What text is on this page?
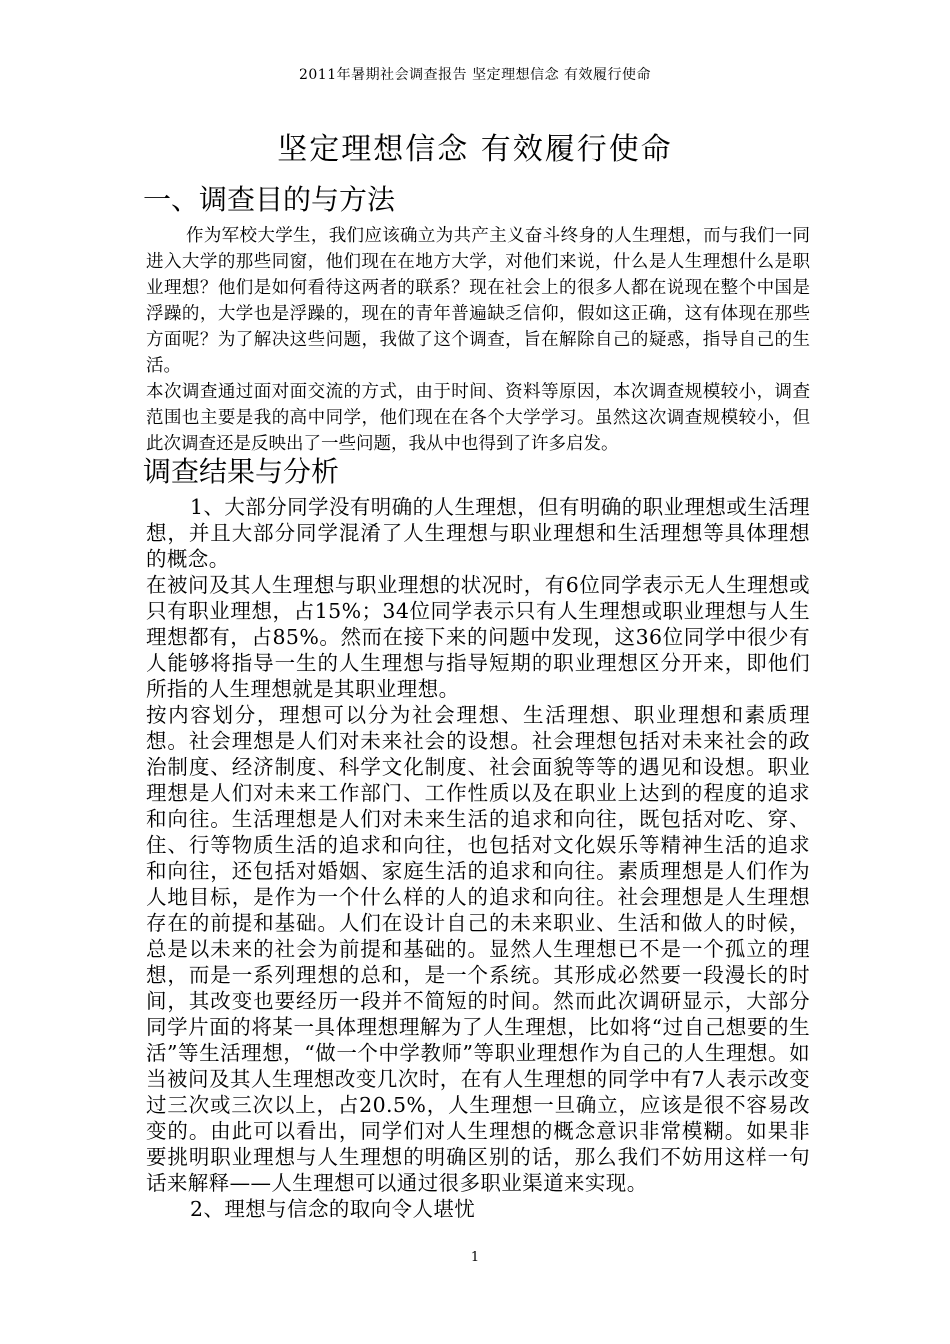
2011年暑期社会调查报告 坚定理想信念 有效履行使命
坚定理想信念 有效履行使命
一、调查目的与方法

作为军校大学生，我们应该确立为共产主义奋斗终身的人生理想，而与我们一同进入大学的那些同窗，他们现在在地方大学，对他们来说，什么是人生理想什么是职业理想？他们是如何看待这两者的联系？现在社会上的很多人都在说现在整个中国是浮躁的，大学也是浮躁的，现在的青年普遍缺乏信仰，假如这正确，这有体现在那些方面呢？为了解决这些问题，我做了这个调查，旨在解除自己的疑惑，指导自己的生活。

本次调查通过面对面交流的方式，由于时间、资料等原因，本次调查规模较小，调查范围也主要是我的高中同学，他们现在在各个大学学习。虽然这次调查规模较小，但此次调查还是反映出了一些问题，我从中也得到了许多启发。

调查结果与分析

1、大部分同学没有明确的人生理想，但有明确的职业理想或生活理想，并且大部分同学混淆了人生理想与职业理想和生活理想等具体理想的概念。

在被问及其人生理想与职业理想的状况时，有6位同学表示无人生理想或只有职业理想，占15%；34位同学表示只有人生理想或职业理想与人生理想都有，占85%。然而在接下来的问题中发现，这36位同学中很少有人能够将指导一生的人生理想与指导短期的职业理想区分开来，即他们所指的人生理想就是其职业理想。

按内容划分，理想可以分为社会理想、生活理想、职业理想和素质理想。社会理想是人们对未来社会的设想。社会理想包括对未来社会的政治制度、经济制度、科学文化制度、社会面貌等等的遇见和设想。职业理想是人们对未来工作部门、工作性质以及在职业上达到的程度的追求和向往。生活理想是人们对未来生活的追求和向往，既包括对吃、穿、住、行等物质生活的追求和向往，也包括对文化娱乐等精神生活的追求和向往，还包括对婚姻、家庭生活的追求和向往。素质理想是人们作为人地目标，是作为一个什么样的人的追求和向往。社会理想是人生理想存在的前提和基础。人们在设计自己的未来职业、生活和做人的时候，总是以未来的社会为前提和基础的。显然人生理想已不是一个孤立的理想，而是一系列理想的总和，是一个系统。其形成必然要一段漫长的时间，其改变也要经历一段并不简短的时间。然而此次调研显示，大部分同学片面的将某一具体理想理解为了人生理想，比如将“过自己想要的生活”等生活理想，“做一个中学教师”等职业理想作为自己的人生理想。如当被问及其人生理想改变几次时，在有人生理想的同学中有7人表示改变过三次或三次以上，占20.5%，人生理想一旦确立，应该是很不容易改变的。由此可以看出，同学们对人生理想的概念意识非常模糊。如果非要挑明职业理想与人生理想的明确区别的话，那么我们不妨用这样一句话来解释——人生理想可以通过很多职业渠道来实现。

2、理想与信念的取向令人堪忧

1
